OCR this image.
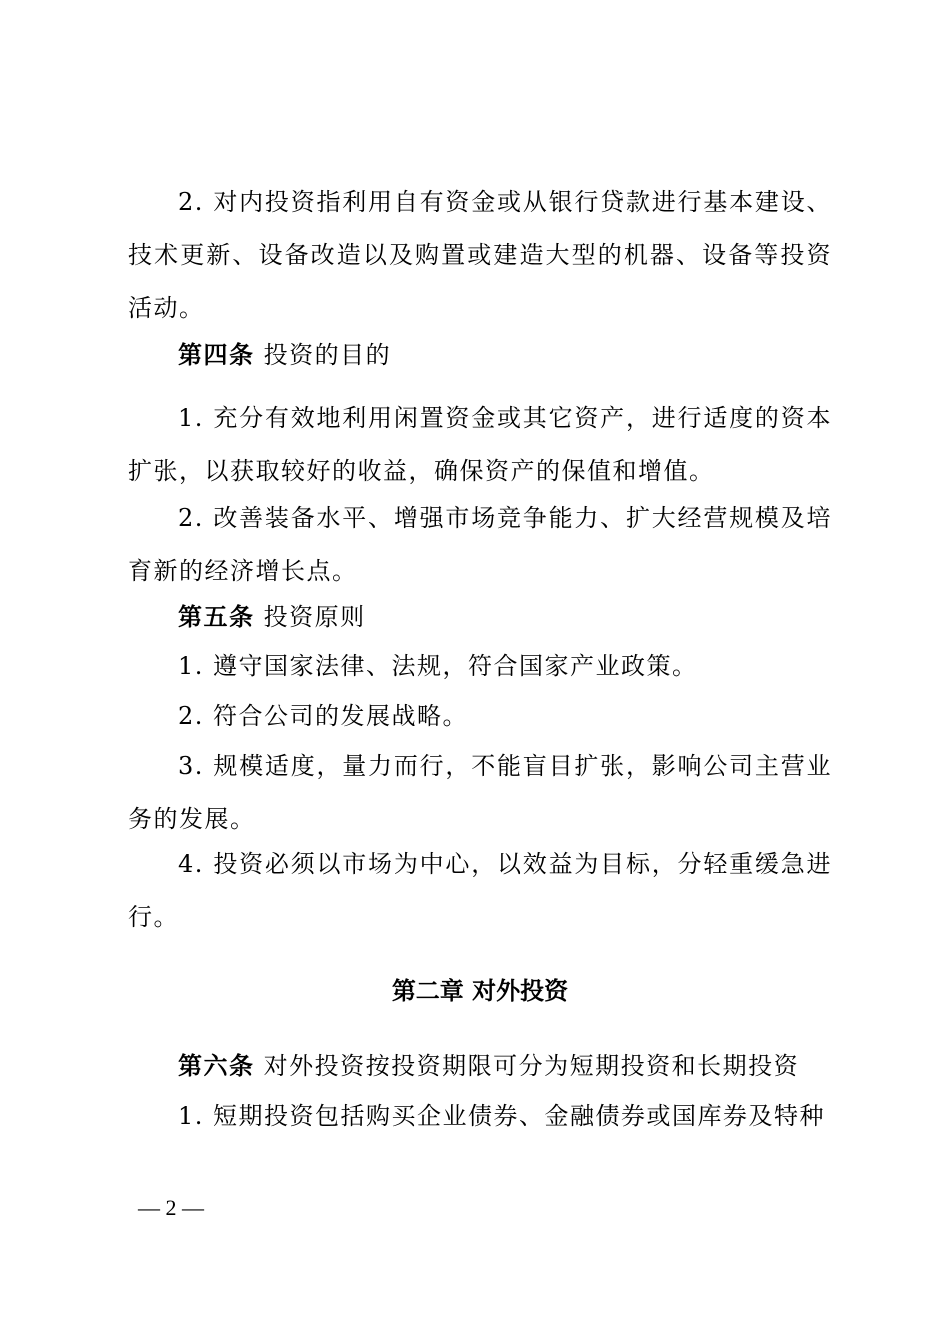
2. 对内投资指利用自有资金或从银行贷款进行基本建设、技术更新、设备改造以及购置或建造大型的机器、设备等投资活动。

第四条 投资的目的

1. 充分有效地利用闲置资金或其它资产，进行适度的资本扩张，以获取较好的收益，确保资产的保值和增值。

2. 改善装备水平、增强市场竞争能力、扩大经营规模及培育新的经济增长点。

第五条 投资原则

1. 遵守国家法律、法规，符合国家产业政策。

2. 符合公司的发展战略。

3. 规模适度，量力而行，不能盲目扩张，影响公司主营业务的发展。

4. 投资必须以市场为中心，以效益为目标，分轻重缓急进行。

第二章 对外投资

第六条 对外投资按投资期限可分为短期投资和长期投资

1. 短期投资包括购买企业债券、金融债券或国库券及特种

— 2 —
